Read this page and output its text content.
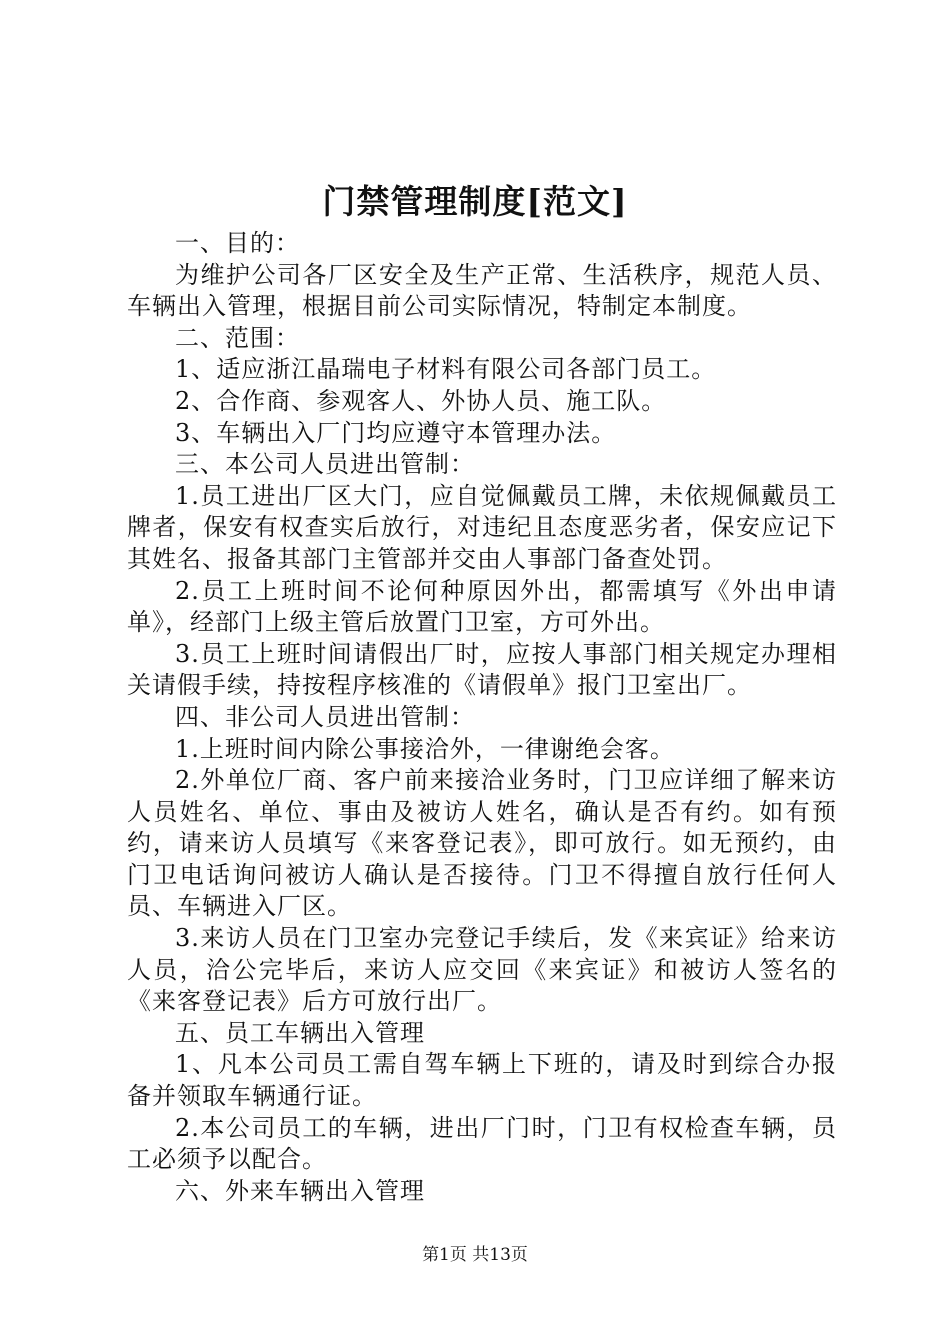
门禁管理制度[范文]

一、目的：

为维护公司各厂区安全及生产正常、生活秩序，规范人员、车辆出入管理，根据目前公司实际情况，特制定本制度。

二、范围：

1、适应浙江晶瑞电子材料有限公司各部门员工。

2、合作商、参观客人、外协人员、施工队。

3、车辆出入厂门均应遵守本管理办法。

三、本公司人员进出管制：

1.员工进出厂区大门，应自觉佩戴员工牌，未依规佩戴员工牌者，保安有权查实后放行，对违纪且态度恶劣者，保安应记下其姓名、报备其部门主管部并交由人事部门备查处罚。

2.员工上班时间不论何种原因外出，都需填写《外出申请单》，经部门上级主管后放置门卫室，方可外出。

3.员工上班时间请假出厂时，应按人事部门相关规定办理相关请假手续，持按程序核准的《请假单》报门卫室出厂。

四、非公司人员进出管制：

1.上班时间内除公事接洽外，一律谢绝会客。

2.外单位厂商、客户前来接洽业务时，门卫应详细了解来访人员姓名、单位、事由及被访人姓名，确认是否有约。如有预约，请来访人员填写《来客登记表》，即可放行。如无预约，由门卫电话询问被访人确认是否接待。门卫不得擅自放行任何人员、车辆进入厂区。

3.来访人员在门卫室办完登记手续后，发《来宾证》给来访人员，洽公完毕后，来访人应交回《来宾证》和被访人签名的《来客登记表》后方可放行出厂。

五、员工车辆出入管理

1、凡本公司员工需自驾车辆上下班的，请及时到综合办报备并领取车辆通行证。

2.本公司员工的车辆，进出厂门时，门卫有权检查车辆，员工必须予以配合。

六、外来车辆出入管理

第1页 共13页
